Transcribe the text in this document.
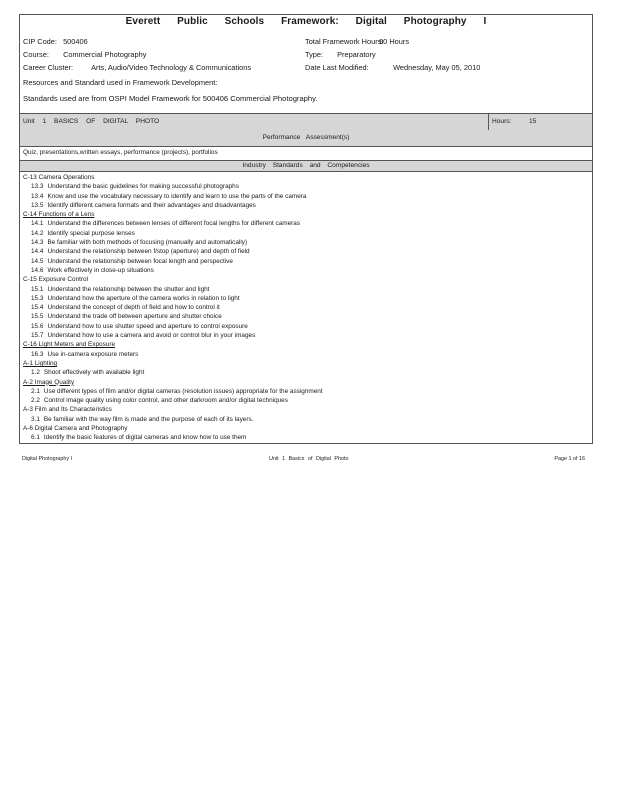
Everett Public Schools Framework: Digital Photography I
CIP Code: 500406
Course: Commercial Photography
Career Cluster: Arts, Audio/Video Technology & Communications
Resources and Standard used in Framework Development:
Total Framework Hours: 90 Hours
Type: Preparatory
Date Last Modified:	Wednesday, May 05, 2010
Standards used are from OSPI Model Framework for 500406 Commercial Photography.
Unit 1 BASICS OF DIGITAL PHOTO	Hours:	15
Performance Assessment(s)
Quiz, presentations,written essays, performance (projects), portfolios
Industry Standards and Competencies
C-13 Camera Operations
13.3 Understand the basic guidelines for making successful photographs
13.4 Know and use the vocabulary necessary to identify and learn to use the parts of the camera
13.5 Identify different camera formats and their advantages and disadvantages
C-14 Functions of a Lens
14.1 Understand the differences between lenses of different focal lengths for different cameras
14.2 Identify special purpose lenses
14.3 Be familiar with both methods of focusing (manually and automatically)
14.4 Understand the relationship between f/stop (aperture) and depth of field
14.5 Understand the relationship between focal length and perspective
14.6 Work effectively in close-up situations
C-15 Exposure Control
15.1 Understand the relationship between the shutter and light
15.3 Understand how the aperture of the camera works in relation to light
15.4 Understand the concept of depth of field and how to control it
15.5 Understand the trade off between aperture and shutter choice
15.6 Understand how to use shutter speed and aperture to control exposure
15.7 Understand how to use a camera and avoid or control blur in your images
C-16 Light Meters and Exposure
16.3 Use in-camera exposure meters
A-1 Lighting
1.2 Shoot effectively with available light
A-2 Image Quality
2.1 Use different types of film and/or digital cameras (resolution issues) appropriate for the assignment
2.2 Control image quality using color control, and other darkroom and/or digital techniques
A-3 Film and Its Characteristics
3.1 Be familiar with the way film is made and the purpose of each of its layers.
A-6 Digital Camera and Photography
6.1 Identify the basic features of digital cameras and know how to use them
Digital Photography I	Unit 1 Basics of Digital Photo	Page 1 of 16
